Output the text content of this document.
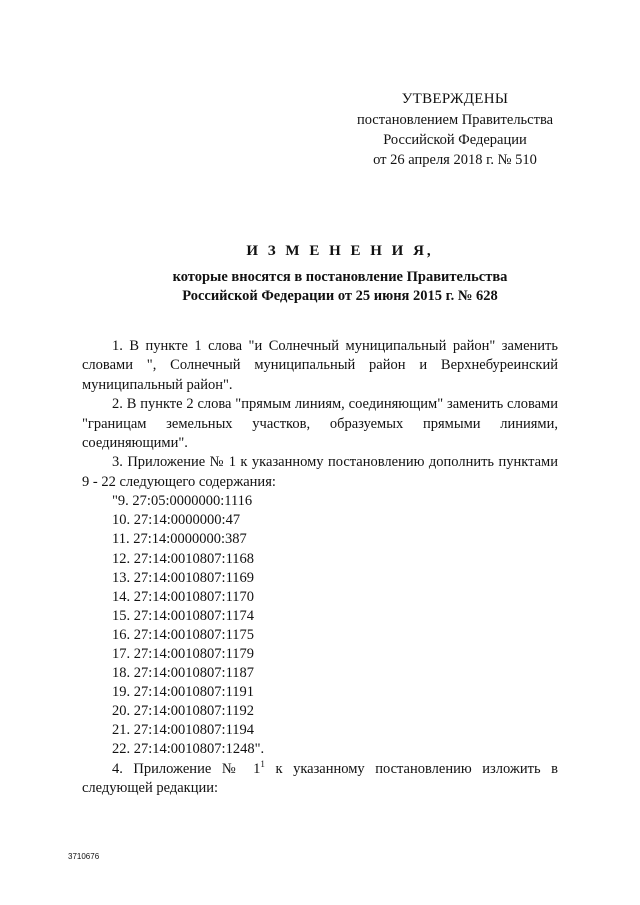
УТВЕРЖДЕНЫ
постановлением Правительства
Российской Федерации
от 26 апреля 2018 г. № 510
И З М Е Н Е Н И Я,
которые вносятся в постановление Правительства
Российской Федерации от 25 июня 2015 г. № 628

1. В пункте 1 слова "и Солнечный муниципальный район" заменить словами ", Солнечный муниципальный район и Верхнебуреинский муниципальный район".

2. В пункте 2 слова "прямым линиям, соединяющим" заменить словами "границам земельных участков, образуемых прямыми линиями, соединяющими".

3. Приложение № 1 к указанному постановлению дополнить пунктами 9 - 22 следующего содержания:

"9. 27:05:0000000:1116
10. 27:14:0000000:47
11. 27:14:0000000:387
12. 27:14:0010807:1168
13. 27:14:0010807:1169
14. 27:14:0010807:1170
15. 27:14:0010807:1174
16. 27:14:0010807:1175
17. 27:14:0010807:1179
18. 27:14:0010807:1187
19. 27:14:0010807:1191
20. 27:14:0010807:1192
21. 27:14:0010807:1194
22. 27:14:0010807:1248".

4. Приложение № $1^1$ к указанному постановлению изложить в следующей редакции:

3710676
